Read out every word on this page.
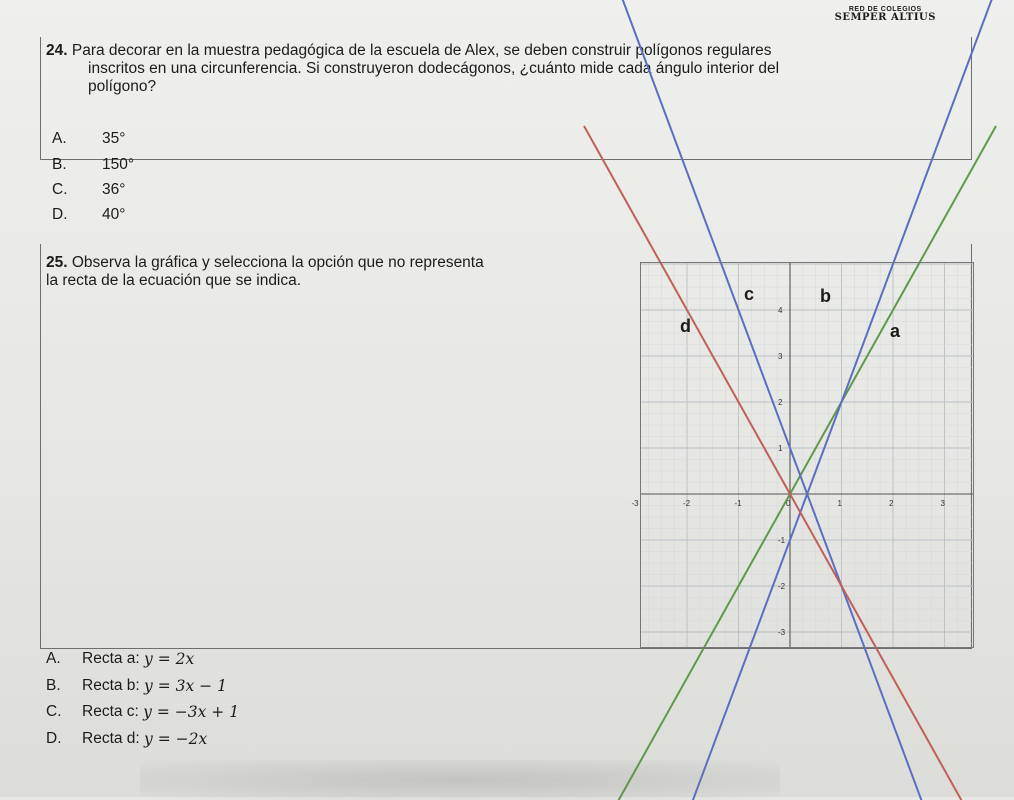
RED DE COLEGIOS
SEMPER ALTIUS
24. Para decorar en la muestra pedagógica de la escuela de Alex, se deben construir polígonos regulares
inscritos en una circunferencia. Si construyeron dodecágonos, ¿cuánto mide cada ángulo interior del
polígono?
A.	35°
B.	150°
C.	36°
D.	40°
25. Observa la gráfica y selecciona la opción que no representa
la recta de la ecuación que se indica.
-3	-2	-1	0	1	2	3
-3
-2
-1
1
2
3
4
a
b
c
d
A.	Recta a:
y = 2x
B.	Recta b:
y = 3x − 1
C.	Recta c:
y = −3x + 1
D.	Recta d:
y = −2x
